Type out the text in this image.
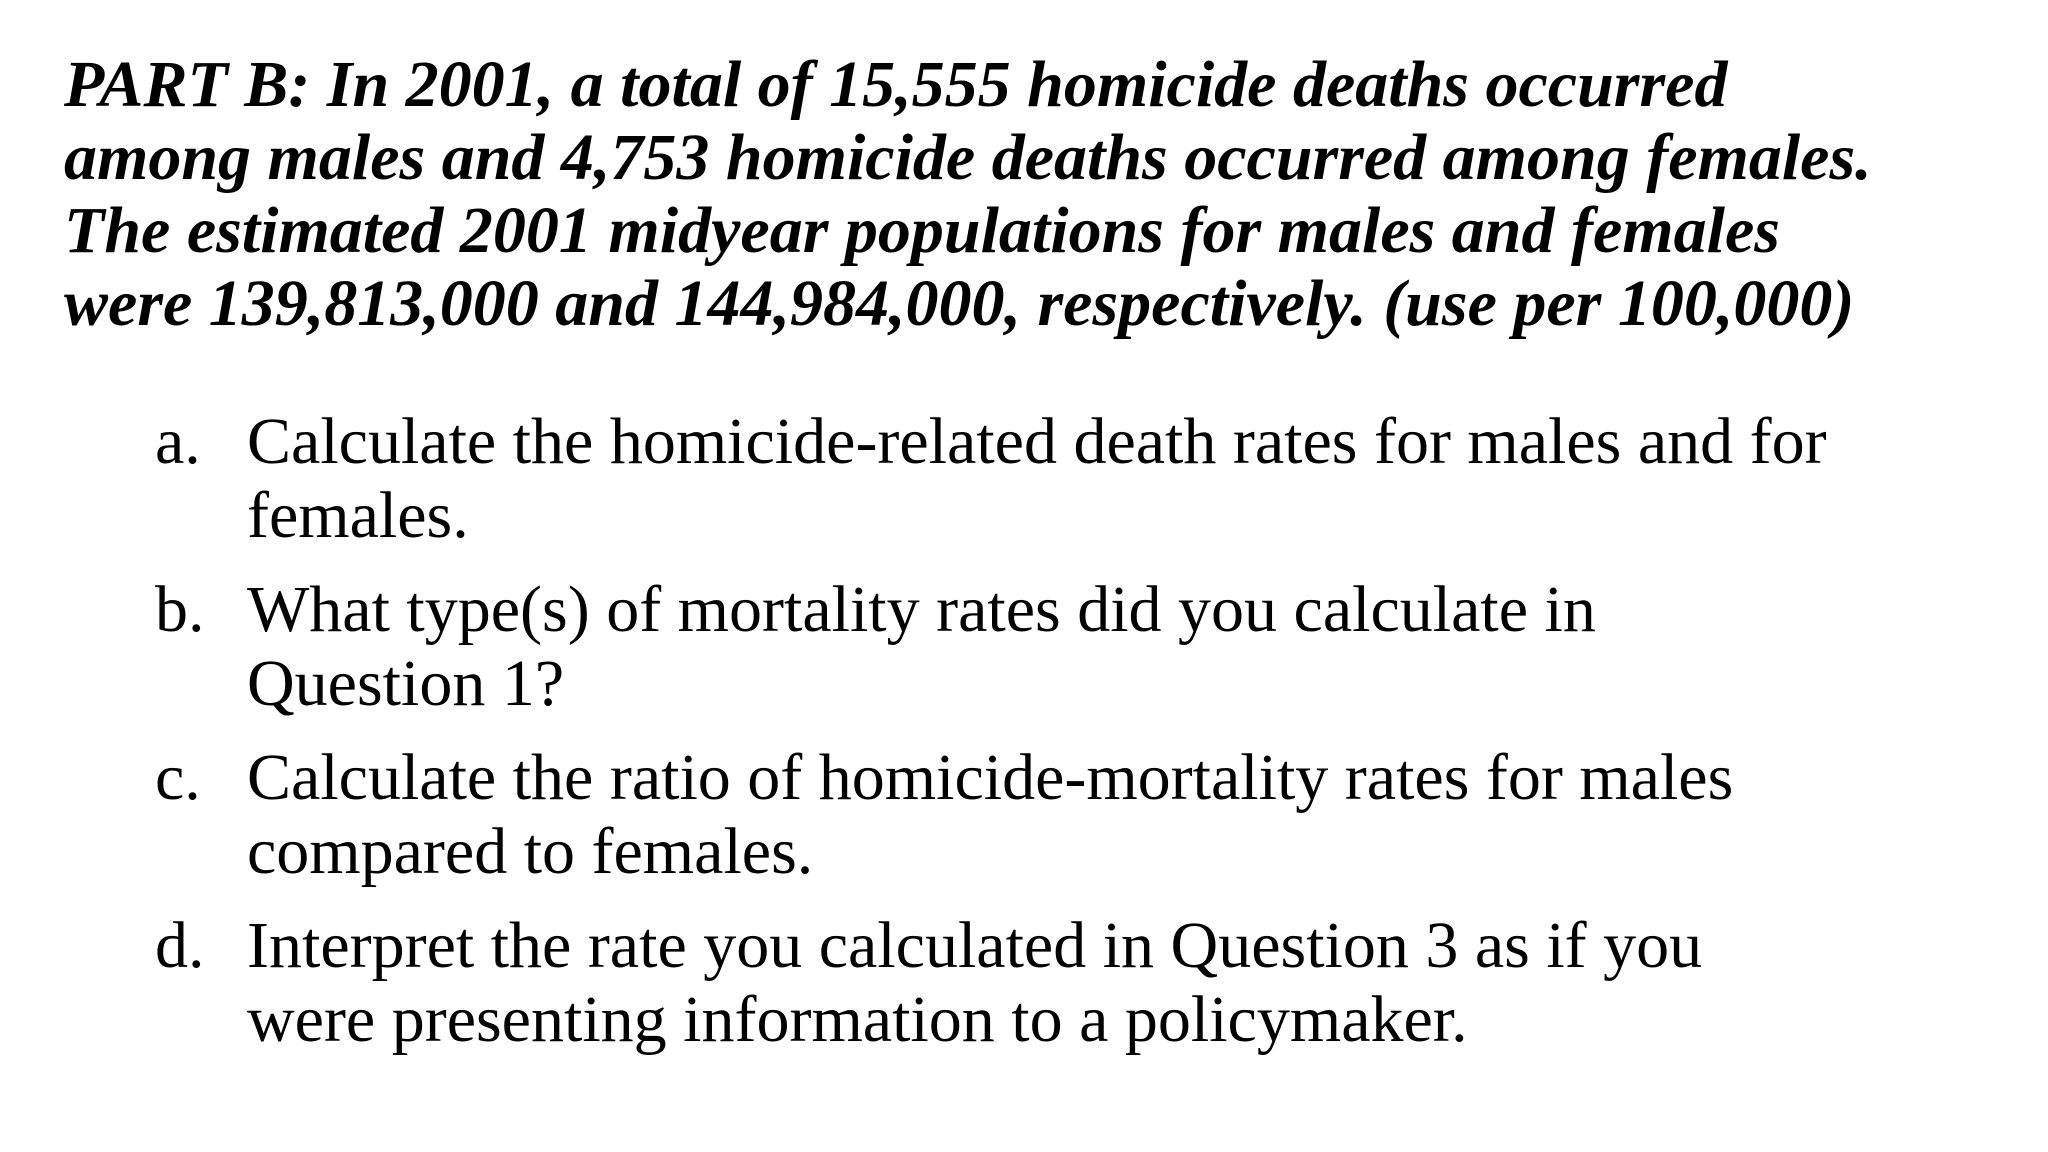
PART B: In 2001, a total of 15,555 homicide deaths occurred
among males and 4,753 homicide deaths occurred among females.
The estimated 2001 midyear populations for males and females
were 139,813,000 and 144,984,000, respectively. (use per 100,000)

a. Calculate the homicide-related death rates for males and for
females.
b. What type(s) of mortality rates did you calculate in
Question 1?
c. Calculate the ratio of homicide-mortality rates for males
compared to females.
d. Interpret the rate you calculated in Question 3 as if you
were presenting information to a policymaker.
